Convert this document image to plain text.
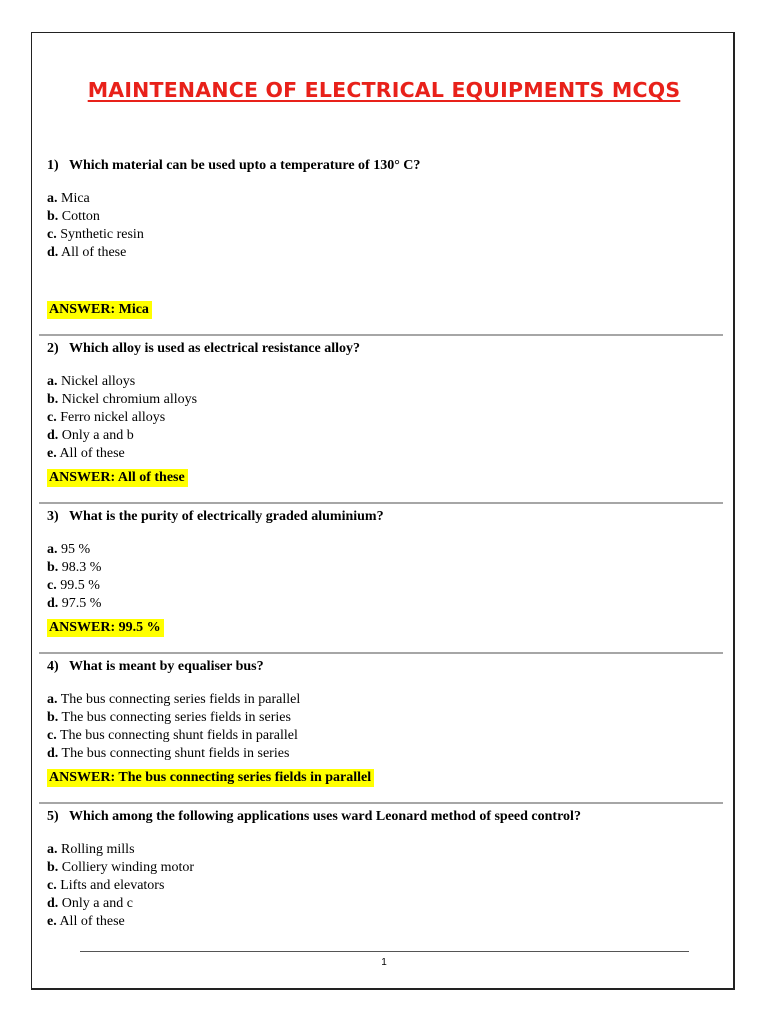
MAINTENANCE OF ELECTRICAL EQUIPMENTS MCQS
1) Which material can be used upto a temperature of 130° C?
a. Mica
b. Cotton
c. Synthetic resin
d. All of these
ANSWER: Mica
2) Which alloy is used as electrical resistance alloy?
a. Nickel alloys
b. Nickel chromium alloys
c. Ferro nickel alloys
d. Only a and b
e. All of these
ANSWER: All of these
3) What is the purity of electrically graded aluminium?
a. 95 %
b. 98.3 %
c. 99.5 %
d. 97.5 %
ANSWER: 99.5 %
4) What is meant by equaliser bus?
a. The bus connecting series fields in parallel
b. The bus connecting series fields in series
c. The bus connecting shunt fields in parallel
d. The bus connecting shunt fields in series
ANSWER: The bus connecting series fields in parallel
5) Which among the following applications uses ward Leonard method of speed control?
a. Rolling mills
b. Colliery winding motor
c. Lifts and elevators
d. Only a and c
e. All of these
1
